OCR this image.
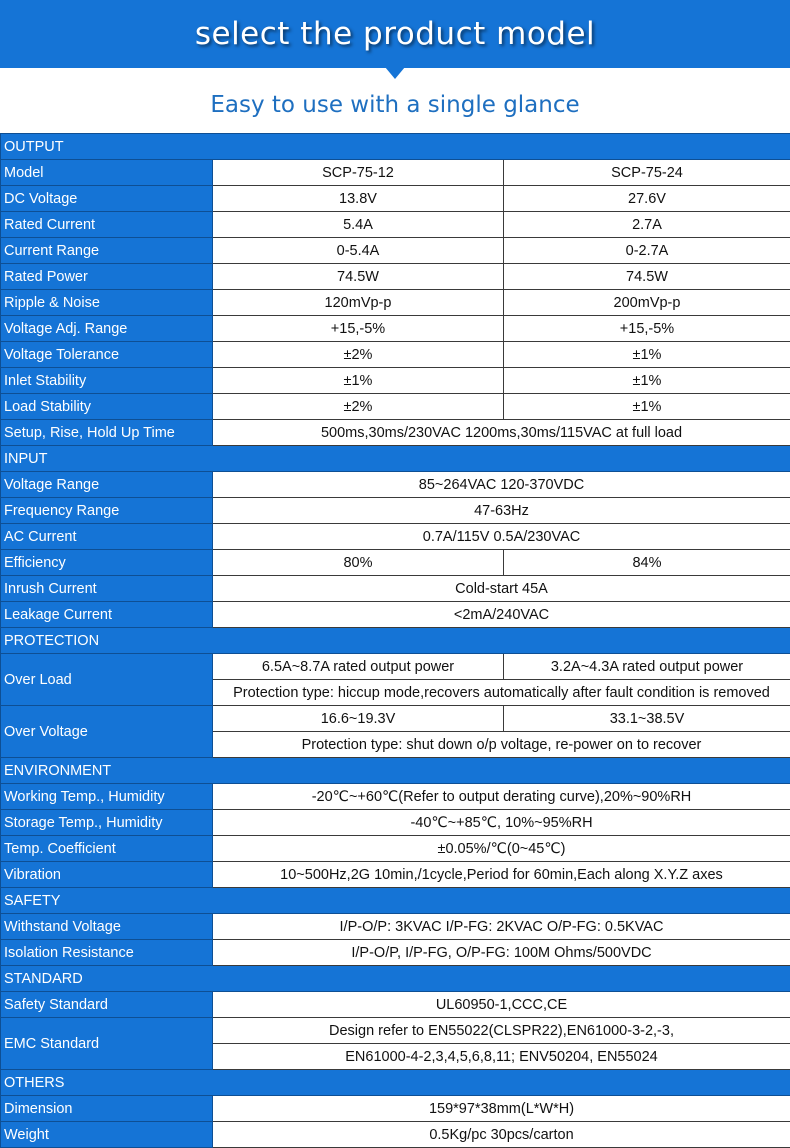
select the product model
Easy to use with a single glance
OUTPUT		
Model	SCP-75-12	SCP-75-24
DC Voltage	13.8V	27.6V
Rated Current	5.4A	2.7A
Current Range	0-5.4A	0-2.7A
Rated Power	74.5W	74.5W
Ripple & Noise	120mVp-p	200mVp-p
Voltage Adj. Range	+15,-5%	+15,-5%
Voltage Tolerance	±2%	±1%
Inlet Stability	±1%	±1%
Load Stability	±2%	±1%
Setup, Rise, Hold Up Time	500ms,30ms/230VAC 1200ms,30ms/115VAC at full load	
INPUT		
Voltage Range	85~264VAC 120-370VDC	
Frequency Range	47-63Hz	
AC Current	0.7A/115V 0.5A/230VAC	
Efficiency	80%	84%
Inrush Current	Cold-start 45A	
Leakage Current	<2mA/240VAC	
PROTECTION		
Over Load	6.5A~8.7A rated output power	3.2A~4.3A rated output power
	Protection type: hiccup mode,recovers automatically after fault condition is removed	
Over Voltage	16.6~19.3V	33.1~38.5V
	Protection type: shut down o/p voltage, re-power on to recover	
ENVIRONMENT		
Working Temp., Humidity	-20℃~+60℃(Refer to output derating curve),20%~90%RH	
Storage Temp., Humidity	-40℃~+85℃, 10%~95%RH	
Temp. Coefficient	±0.05%/℃(0~45℃)	
Vibration	10~500Hz,2G 10min,/1cycle,Period for 60min,Each along X.Y.Z axes	
SAFETY		
Withstand Voltage	I/P-O/P: 3KVAC I/P-FG: 2KVAC O/P-FG: 0.5KVAC	
Isolation Resistance	I/P-O/P, I/P-FG, O/P-FG: 100M Ohms/500VDC	
STANDARD		
Safety Standard	UL60950-1,CCC,CE	
EMC Standard	Design refer to EN55022(CLSPR22),EN61000-3-2,-3,	
	EN61000-4-2,3,4,5,6,8,11; ENV50204, EN55024	
OTHERS		
Dimension	159*97*38mm(L*W*H)	
Weight	0.5Kg/pc 30pcs/carton	
